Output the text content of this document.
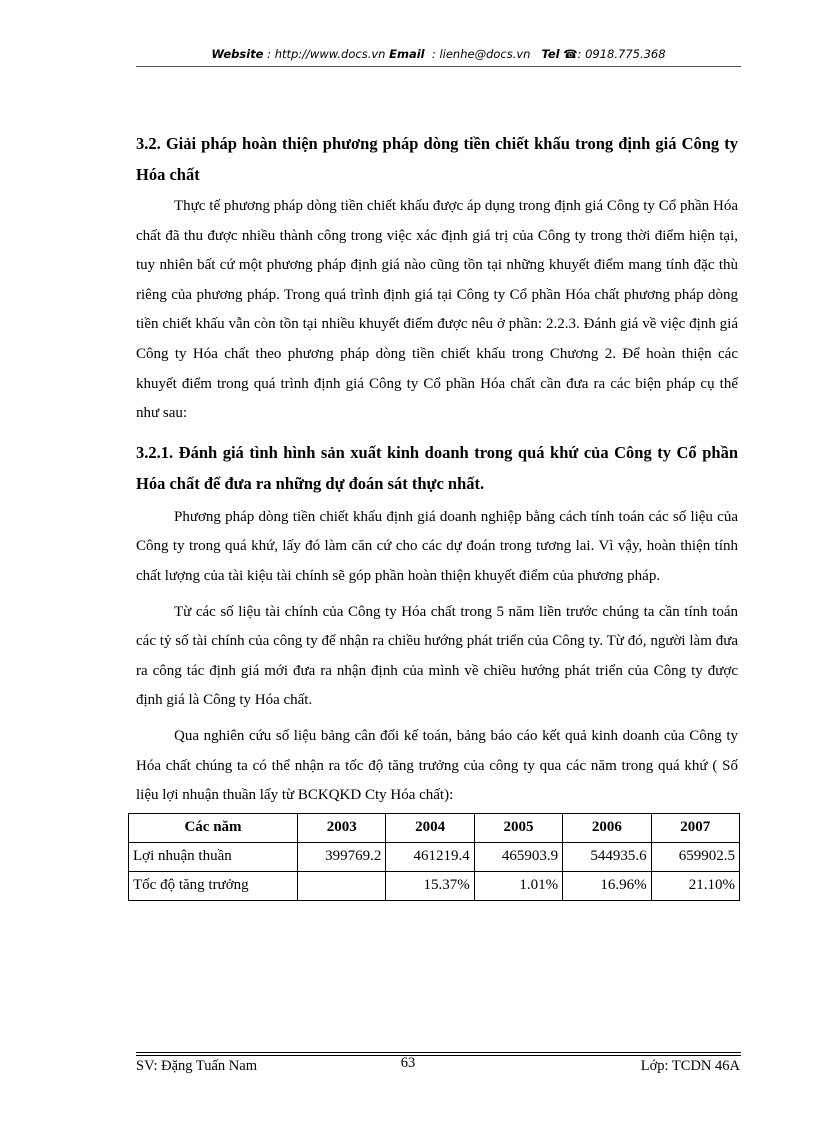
Website : http://www.docs.vn Email  : lienhe@docs.vn Tel ☎: 0918.775.368
3.2. Giải pháp hoàn thiện phương pháp dòng tiền chiết khấu trong định giá Công ty Hóa chất

Thực tế phương pháp dòng tiền chiết khấu được áp dụng trong định giá Công ty Cổ phần Hóa chất đã thu được nhiều thành công trong việc xác định giá trị của Công ty trong thời điểm hiện tại, tuy nhiên bất cứ một phương pháp định giá nào cũng tồn tại những khuyết điểm mang tính đặc thù riêng của phương pháp. Trong quá trình định giá tại Công ty Cổ phần Hóa chất phương pháp dòng tiền chiết khấu vẫn còn tồn tại nhiều khuyết điểm được nêu ở phần: 2.2.3. Đánh giá về việc định giá Công ty Hóa chất theo phương pháp dòng tiền chiết khấu trong Chương 2. Để hoàn thiện các khuyết điểm trong quá trình định giá Công ty Cổ phần Hóa chất cần đưa ra các biện pháp cụ thể như sau:

3.2.1. Đánh giá tình hình sản xuất kinh doanh trong quá khứ của Công ty Cổ phần Hóa chất để đưa ra những dự đoán sát thực nhất.

Phương pháp dòng tiền chiết khấu định giá doanh nghiệp bằng cách tính toán các số liệu của Công ty trong quá khứ, lấy đó làm căn cứ cho các dự đoán trong tương lai. Vì vậy, hoàn thiện tính chất lượng của tài kiệu tài chính sẽ góp phần hoàn thiện khuyết điểm của phương pháp.

Từ các số liệu tài chính của Công ty Hóa chất trong 5 năm liền trước chúng ta cần tính toán các tỷ số tài chính của công ty để nhận ra chiều hướng phát triển của Công ty. Từ đó, người làm đưa ra công tác định giá mới đưa ra nhận định của mình về chiều hướng phát triển của Công ty được định giá là Công ty Hóa chất.

Qua nghiên cứu số liệu bảng cân đối kế toán, bảng báo cáo kết quả kinh doanh của Công ty Hóa chất chúng ta có thể nhận ra tốc độ tăng trưởng của công ty qua các năm trong quá khứ ( Số liệu lợi nhuận thuần lấy từ BCKQKD Cty Hóa chất):

Các năm	2003	2004	2005	2006	2007
Lợi nhuận thuần	399769.2	461219.4	465903.9	544935.6	659902.5
Tốc độ tăng trưởng		15.37%	1.01%	16.96%	21.10%
SV: Đặng Tuấn Nam	63	Lớp: TCDN 46A
